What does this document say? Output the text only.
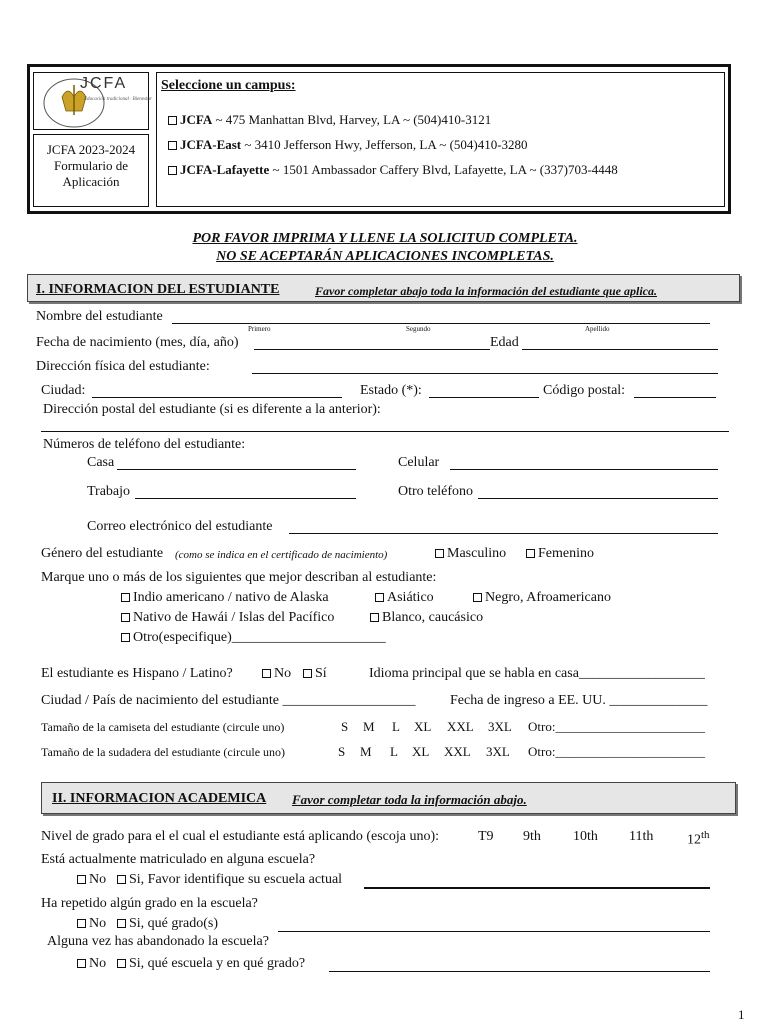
JCFA
Educación tradicional · Bienestar
JCFA 2023-2024
Formulario de
Aplicación
Seleccione un campus:
JCFA ~ 475 Manhattan Blvd, Harvey, LA ~ (504)410-3121
JCFA-East ~ 3410 Jefferson Hwy, Jefferson, LA ~ (504)410-3280
JCFA-Lafayette ~ 1501 Ambassador Caffery Blvd, Lafayette, LA ~ (337)703-4448
POR FAVOR IMPRIMA Y LLENE LA SOLICITUD COMPLETA.
NO SE ACEPTARÁN APLICACIONES INCOMPLETAS.
I. INFORMACION DEL ESTUDIANTE	Favor completar abajo toda la información del estudiante que aplica.
Nombre del estudiante
Primero	Segundo	Apellido
Fecha de nacimiento (mes, día, año)	Edad
Dirección física del estudiante:
Ciudad:	Estado (*):	Código postal:
Dirección postal del estudiante (si es diferente a la anterior):
Números de teléfono del estudiante:
Casa	Celular
Trabajo	Otro teléfono
Correo electrónico del estudiante
Género del estudiante (como se indica en el certificado de nacimiento)	Masculino	Femenino
Marque uno o más de los siguientes que mejor describan al estudiante:
Indio americano / nativo de Alaska	Asiático	Negro, Afroamericano
Nativo de Hawái / Islas del Pacífico	Blanco, caucásico
Otro(especifique)______________________
El estudiante es Hispano / Latino?	No	Sí	Idioma principal que se habla en casa__________________
Ciudad / País de nacimiento del estudiante ___________________ Fecha de ingreso a EE. UU. ______________
Tamaño de la camiseta del estudiante (circule uno)	S M L XL XXL 3XL Otro:_______________________
Tamaño de la sudadera del estudiante (circule uno)	S M L XL XXL 3XL Otro:_______________________
II. INFORMACION ACADEMICA Favor completar toda la información abajo.
Nivel de grado para el el cual el estudiante está aplicando (escoja uno):	T9 9th 10th 11th 12th
Está actualmente matriculado en alguna escuela?
No	Si, Favor identifique su escuela actual
Ha repetido algún grado en la escuela?
No	Si, qué grado(s)
Alguna vez has abandonado la escuela?
No	Si, qué escuela y en qué grado?
1
